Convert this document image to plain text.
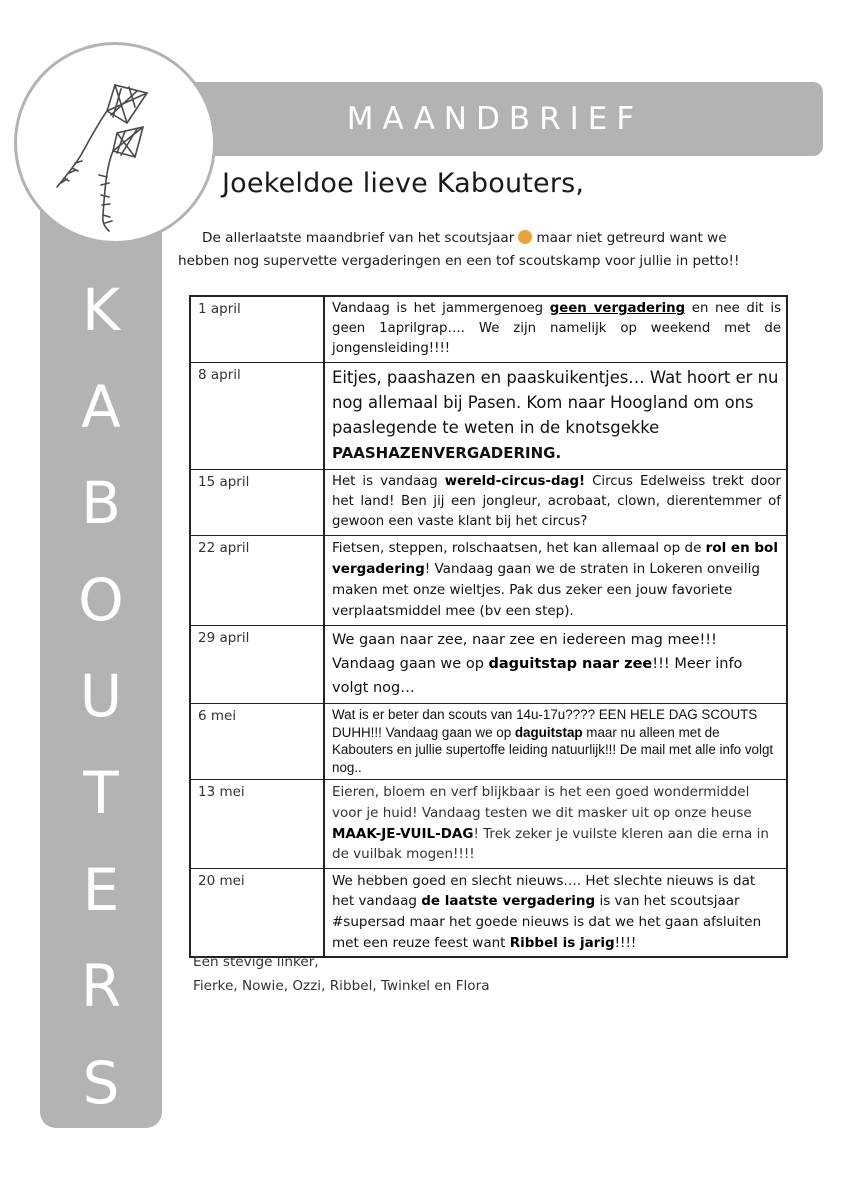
K
A
B
O
U
T
E
R
S
MAANDBRIEF
Joekeldoe lieve Kabouters,

De allerlaatste maandbrief van het scoutsjaar maar niet getreurd want we hebben nog supervette vergaderingen en een tof scoutskamp voor jullie in petto!!

1 april	Vandaag is het jammergenoeg geen vergadering en nee dit is geen 1aprilgrap…. We zijn namelijk op weekend met de jongensleiding!!!!
8 april	Eitjes, paashazen en paaskuikentjes… Wat hoort er nu nog allemaal bij Pasen. Kom naar Hoogland om ons paaslegende te weten in de knotsgekke PAASHAZENVERGADERING.
15 april	Het is vandaag wereld-circus-dag! Circus Edelweiss trekt door het land! Ben jij een jongleur, acrobaat, clown, dierentemmer of gewoon een vaste klant bij het circus?
22 april	Fietsen, steppen, rolschaatsen, het kan allemaal op de rol en bol vergadering! Vandaag gaan we de straten in Lokeren onveilig maken met onze wieltjes. Pak dus zeker een jouw favoriete verplaatsmiddel mee (bv een step).
29 april	We gaan naar zee, naar zee en iedereen mag mee!!! Vandaag gaan we op daguitstap naar zee!!! Meer info volgt nog…
6 mei	Wat is er beter dan scouts van 14u-17u???? EEN HELE DAG SCOUTS DUHH!!! Vandaag gaan we op daguitstap maar nu alleen met de Kabouters en jullie supertoffe leiding natuurlijk!!! De mail met alle info volgt nog..
13 mei	Eieren, bloem en verf blijkbaar is het een goed wondermiddel voor je huid! Vandaag testen we dit masker uit op onze heuse MAAK-JE-VUIL-DAG! Trek zeker je vuilste kleren aan die erna in de vuilbak mogen!!!!
20 mei	We hebben goed en slecht nieuws…. Het slechte nieuws is dat het vandaag de laatste vergadering is van het scoutsjaar #supersad maar het goede nieuws is dat we het gaan afsluiten met een reuze feest want Ribbel is jarig!!!!

Een stevige linker,
Fierke, Nowie, Ozzi, Ribbel, Twinkel en Flora
